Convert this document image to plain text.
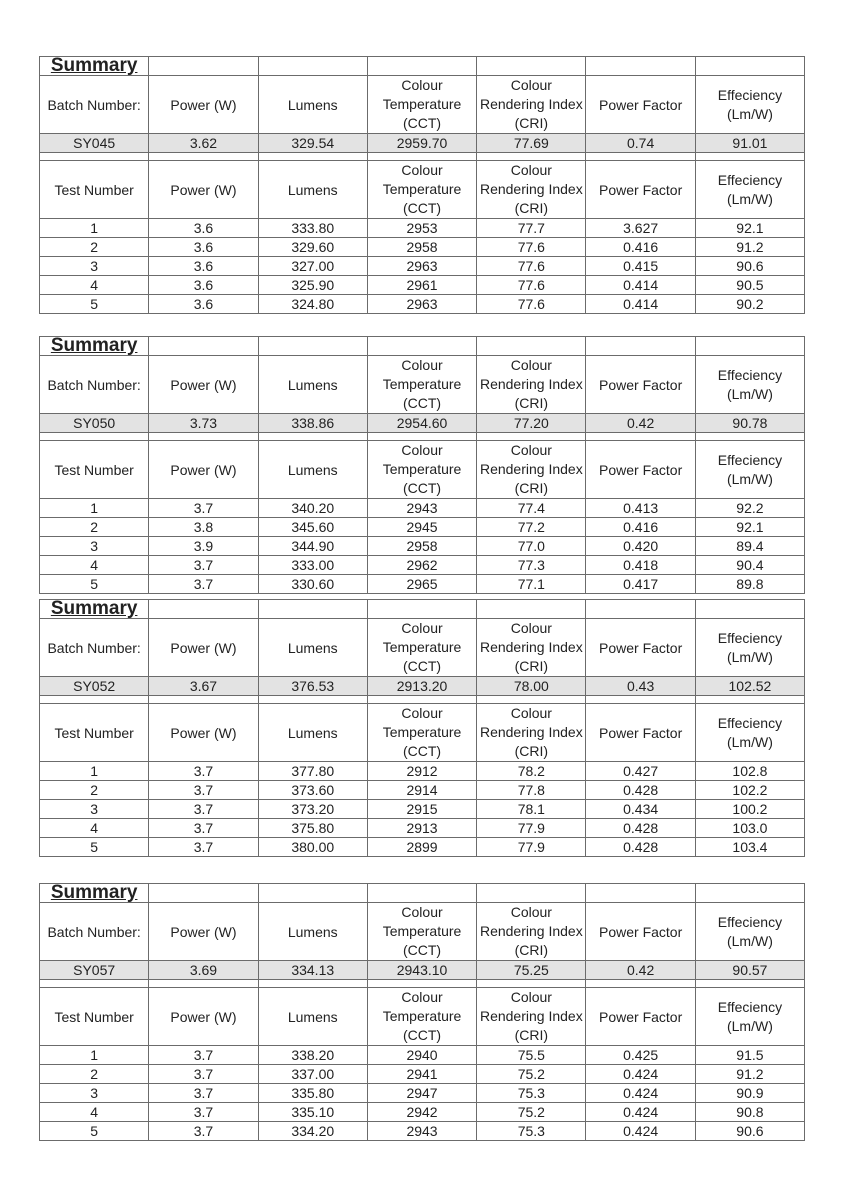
Summary						
Batch Number:	Power (W)	Lumens	Colour
Temperature
(CCT)	Colour
Rendering Index
(CRI)	Power Factor	Effeciency
(Lm/W)

SY045	3.62	329.54	2959.70	77.69	0.74	91.01

Test Number	Power (W)	Lumens	Colour
Temperature
(CCT)	Colour
Rendering Index
(CRI)	Power Factor	Effeciency
(Lm/W)

1	3.6	333.80	2953	77.7	3.627	92.1
2	3.6	329.60	2958	77.6	0.416	91.2
3	3.6	327.00	2963	77.6	0.415	90.6
4	3.6	325.90	2961	77.6	0.414	90.5
5	3.6	324.80	2963	77.6	0.414	90.2
Summary						
Batch Number:	Power (W)	Lumens	Colour
Temperature
(CCT)	Colour
Rendering Index
(CRI)	Power Factor	Effeciency
(Lm/W)

SY050	3.73	338.86	2954.60	77.20	0.42	90.78

Test Number	Power (W)	Lumens	Colour
Temperature
(CCT)	Colour
Rendering Index
(CRI)	Power Factor	Effeciency
(Lm/W)

1	3.7	340.20	2943	77.4	0.413	92.2
2	3.8	345.60	2945	77.2	0.416	92.1
3	3.9	344.90	2958	77.0	0.420	89.4
4	3.7	333.00	2962	77.3	0.418	90.4
5	3.7	330.60	2965	77.1	0.417	89.8
Summary						
Batch Number:	Power (W)	Lumens	Colour
Temperature
(CCT)	Colour
Rendering Index
(CRI)	Power Factor	Effeciency
(Lm/W)

SY052	3.67	376.53	2913.20	78.00	0.43	102.52

Test Number	Power (W)	Lumens	Colour
Temperature
(CCT)	Colour
Rendering Index
(CRI)	Power Factor	Effeciency
(Lm/W)

1	3.7	377.80	2912	78.2	0.427	102.8
2	3.7	373.60	2914	77.8	0.428	102.2
3	3.7	373.20	2915	78.1	0.434	100.2
4	3.7	375.80	2913	77.9	0.428	103.0
5	3.7	380.00	2899	77.9	0.428	103.4
Summary						
Batch Number:	Power (W)	Lumens	Colour
Temperature
(CCT)	Colour
Rendering Index
(CRI)	Power Factor	Effeciency
(Lm/W)

SY057	3.69	334.13	2943.10	75.25	0.42	90.57

Test Number	Power (W)	Lumens	Colour
Temperature
(CCT)	Colour
Rendering Index
(CRI)	Power Factor	Effeciency
(Lm/W)

1	3.7	338.20	2940	75.5	0.425	91.5
2	3.7	337.00	2941	75.2	0.424	91.2
3	3.7	335.80	2947	75.3	0.424	90.9
4	3.7	335.10	2942	75.2	0.424	90.8
5	3.7	334.20	2943	75.3	0.424	90.6
